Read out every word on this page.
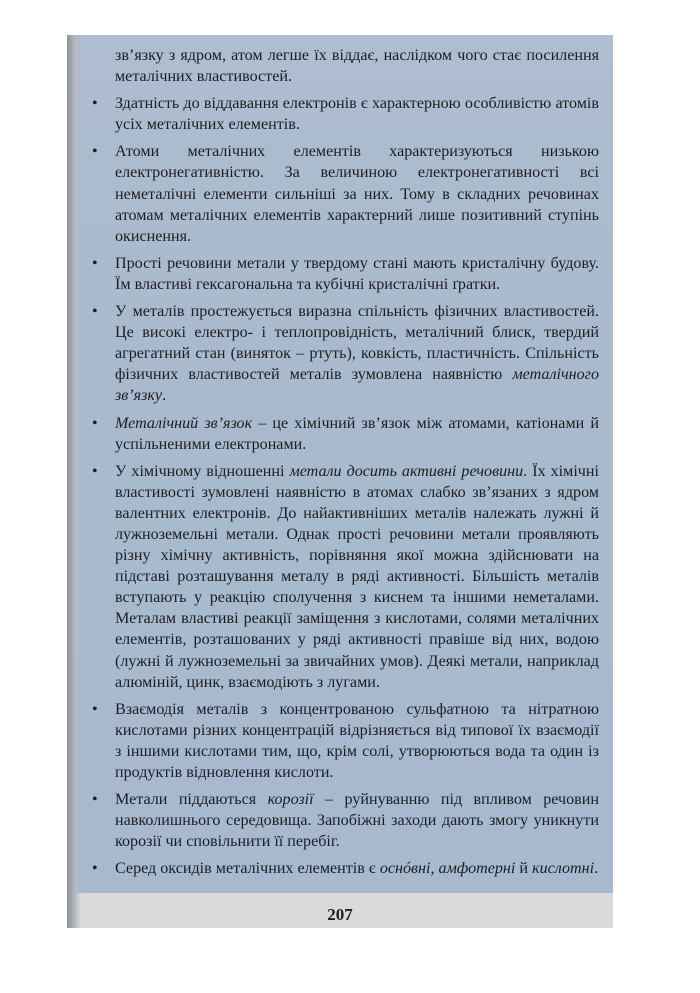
зв’язку з ядром, атом легше їх віддає, наслідком чого стає посилення металічних властивостей.

• Здатність до віддавання електронів є характерною особливістю атомів усіх металічних елементів.

• Атоми металічних елементів характеризуються низькою електронегативністю. За величиною електронегативності всі неметалічні елементи сильніші за них. Тому в складних речовинах атомам металічних елементів характерний лише позитивний ступінь окиснення.

• Прості речовини метали у твердому стані мають кристалічну будову. Їм властиві гексагональна та кубічні кристалічні ґратки.

• У металів простежується виразна спільність фізичних властивостей. Це високі електро- і теплопровідність, металічний блиск, твердий агрегатний стан (виняток – ртуть), ковкість, пластичність. Спільність фізичних властивостей металів зумовлена наявністю металічного зв’язку.

• Металічний зв’язок – це хімічний зв’язок між атомами, катіонами й успільненими електронами.

• У хімічному відношенні метали досить активні речовини. Їх хімічні властивості зумовлені наявністю в атомах слабко зв’язаних з ядром валентних електронів. До найактивніших металів належать лужні й лужноземельні метали. Однак прості речовини метали проявляють різну хімічну активність, порівняння якої можна здійснювати на підставі розташування металу в ряді активності. Більшість металів вступають у реакцію сполучення з киснем та іншими неметалами. Металам властиві реакції заміщення з кислотами, солями металічних елементів, розташованих у ряді активності правіше від них, водою (лужні й лужноземельні за звичайних умов). Деякі метали, наприклад алюміній, цинк, взаємодіють з лугами.

• Взаємодія металів з концентрованою сульфатною та нітратною кислотами різних концентрацій відрізняється від типової їх взаємодії з іншими кислотами тим, що, крім солі, утворюються вода та один із продуктів відновлення кислоти.

• Метали піддаються корозії – руйнуванню під впливом речовин навколишнього середовища. Запобіжні заходи дають змогу уникнути корозії чи сповільнити її перебіг.

• Серед оксидів металічних елементів є оснóвні, амфотерні й кислотні.

207
